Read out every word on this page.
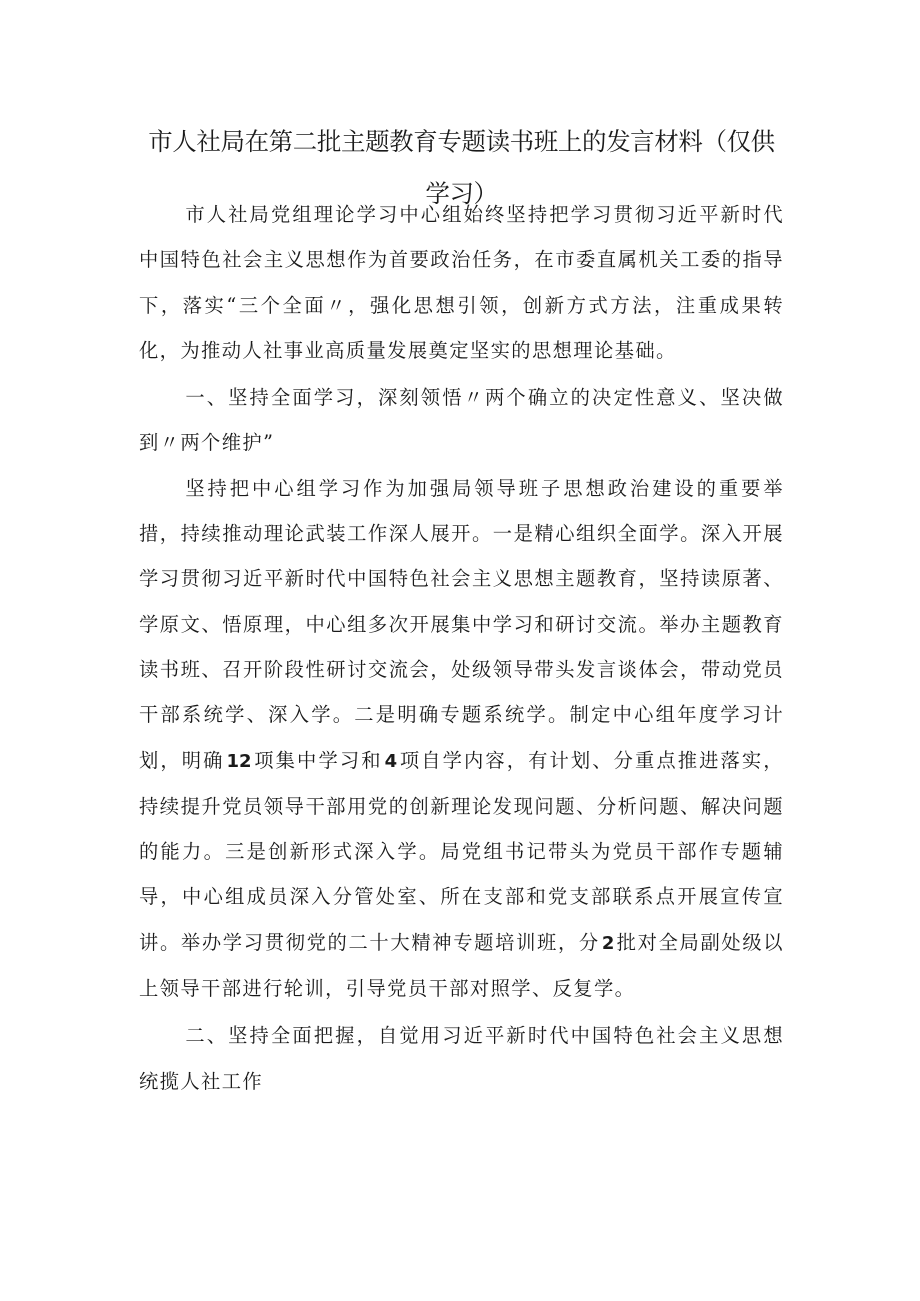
市人社局在第二批主题教育专题读书班上的发言材料（仅供学习）

市人社局党组理论学习中心组始终坚持把学习贯彻习近平新时代中国特色社会主义思想作为首要政治任务，在市委直属机关工委的指导下，落实“三个全面〃，强化思想引领，创新方式方法，注重成果转化，为推动人社事业高质量发展奠定坚实的思想理论基础。

一、坚持全面学习，深刻领悟〃两个确立的决定性意义、坚决做到〃两个维护”

坚持把中心组学习作为加强局领导班子思想政治建设的重要举措，持续推动理论武装工作深人展开。一是精心组织全面学。深入开展学习贯彻习近平新时代中国特色社会主义思想主题教育，坚持读原著、学原文、悟原理，中心组多次开展集中学习和研讨交流。举办主题教育读书班、召开阶段性研讨交流会，处级领导带头发言谈体会，带动党员干部系统学、深入学。二是明确专题系统学。制定中心组年度学习计划，明确 12 项集中学习和 4 项自学内容，有计划、分重点推进落实，持续提升党员领导干部用党的创新理论发现问题、分析问题、解决问题的能力。三是创新形式深入学。局党组书记带头为党员干部作专题辅导，中心组成员深入分管处室、所在支部和党支部联系点开展宣传宣讲。举办学习贯彻党的二十大精神专题培训班，分 2 批对全局副处级以上领导干部进行轮训，引导党员干部对照学、反复学。

二、坚持全面把握，自觉用习近平新时代中国特色社会主义思想统揽人社工作
